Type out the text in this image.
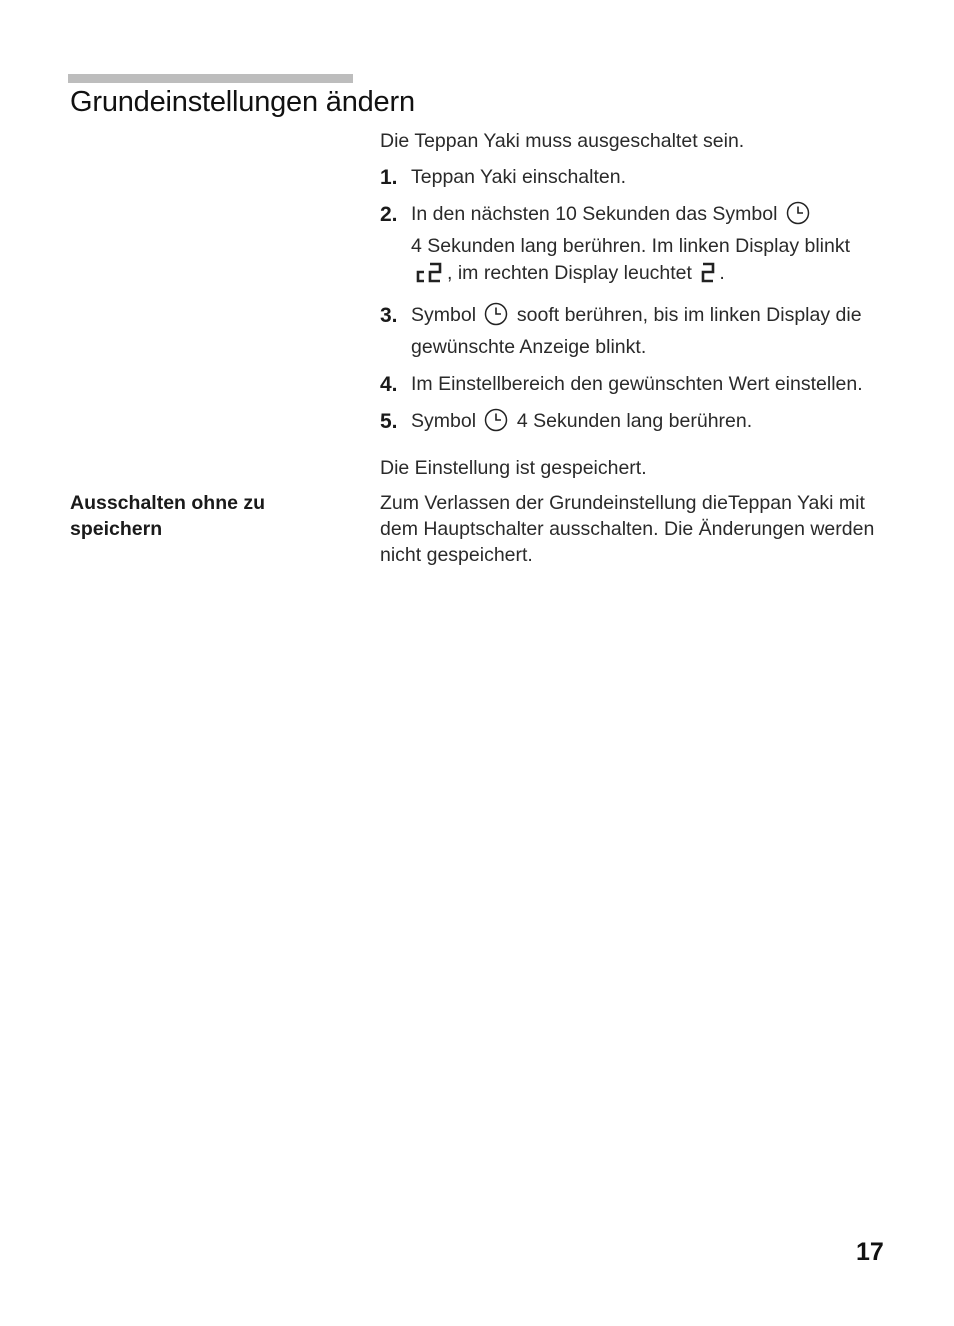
Grundeinstellungen ändern
Die Teppan Yaki muss ausgeschaltet sein.
1. Teppan Yaki einschalten.
2. In den nächsten 10 Sekunden das Symbol
4 Sekunden lang berühren. Im linken Display blinkt , im rechten Display leuchtet .
3. Symbol sooft berühren, bis im linken Display die gewünschte Anzeige blinkt.
4. Im Einstellbereich den gewünschten Wert einstellen.
5. Symbol 4 Sekunden lang berühren.
Die Einstellung ist gespeichert.
Ausschalten ohne zu speichern
Zum Verlassen der Grundeinstellung dieTeppan Yaki mit dem Hauptschalter ausschalten. Die Änderungen werden nicht gespeichert.
17
